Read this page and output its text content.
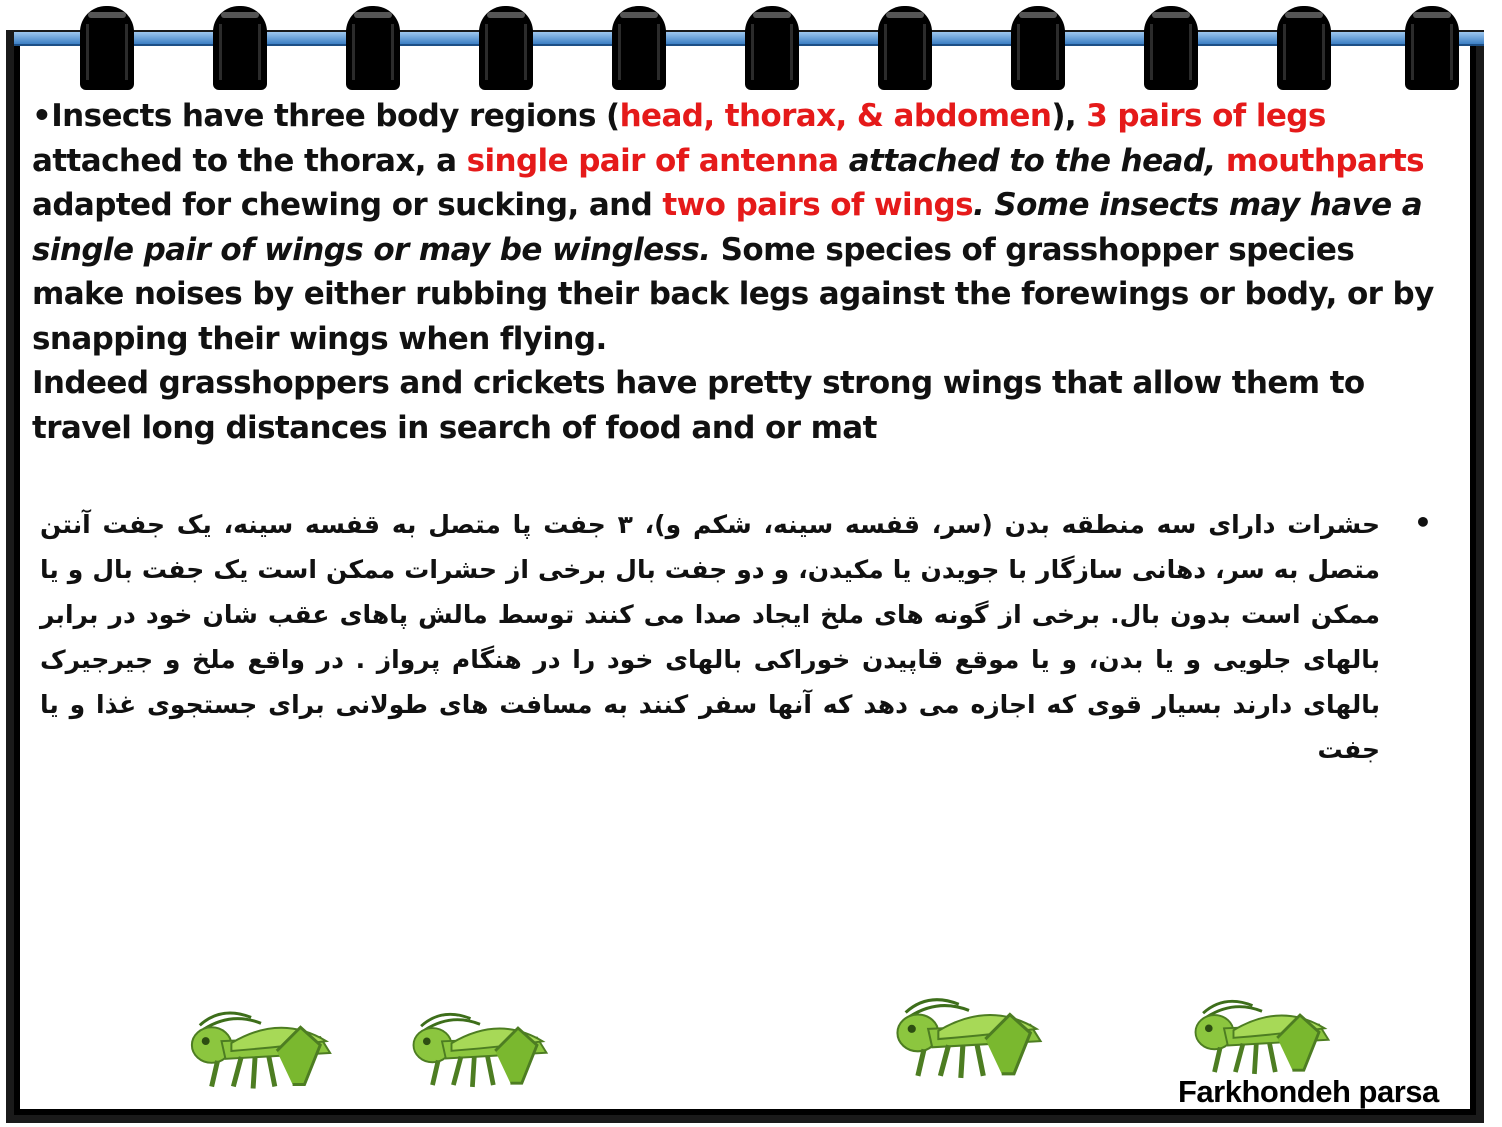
•Insects have three body regions (head, thorax, & abdomen), 3 pairs of legs attached to the thorax, a single pair of antenna attached to the head, mouthparts adapted for chewing or sucking, and two pairs of wings. Some insects may have a single pair of wings or may be wingless. Some species of grasshopper species make noises by either rubbing their back legs against the forewings or body, or by snapping their wings when flying.
Indeed grasshoppers and crickets have pretty strong wings that allow them to travel long distances in search of food and or mat

•

حشرات دارای سه منطقه بدن (سر، قفسه سینه، شکم و)، ۳ جفت پا متصل به قفسه سینه، یک جفت آنتن متصل به سر، دهانی سازگار با جویدن یا مکیدن، و دو جفت بال برخی از حشرات ممکن است یک جفت بال و یا ممکن است بدون بال. برخی از گونه های ملخ ایجاد صدا می کنند توسط مالش پاهای عقب شان خود در برابر بالهای جلویی و یا بدن، و یا موقع قاپیدن خوراکی بالهای خود را در هنگام پرواز . در واقع ملخ و جیرجیرک بالهای دارند بسیار قوی که اجازه می دهد که آنها سفر کنند به مسافت های طولانی برای جستجوی غذا و یا جفت

Farkhondeh parsa
